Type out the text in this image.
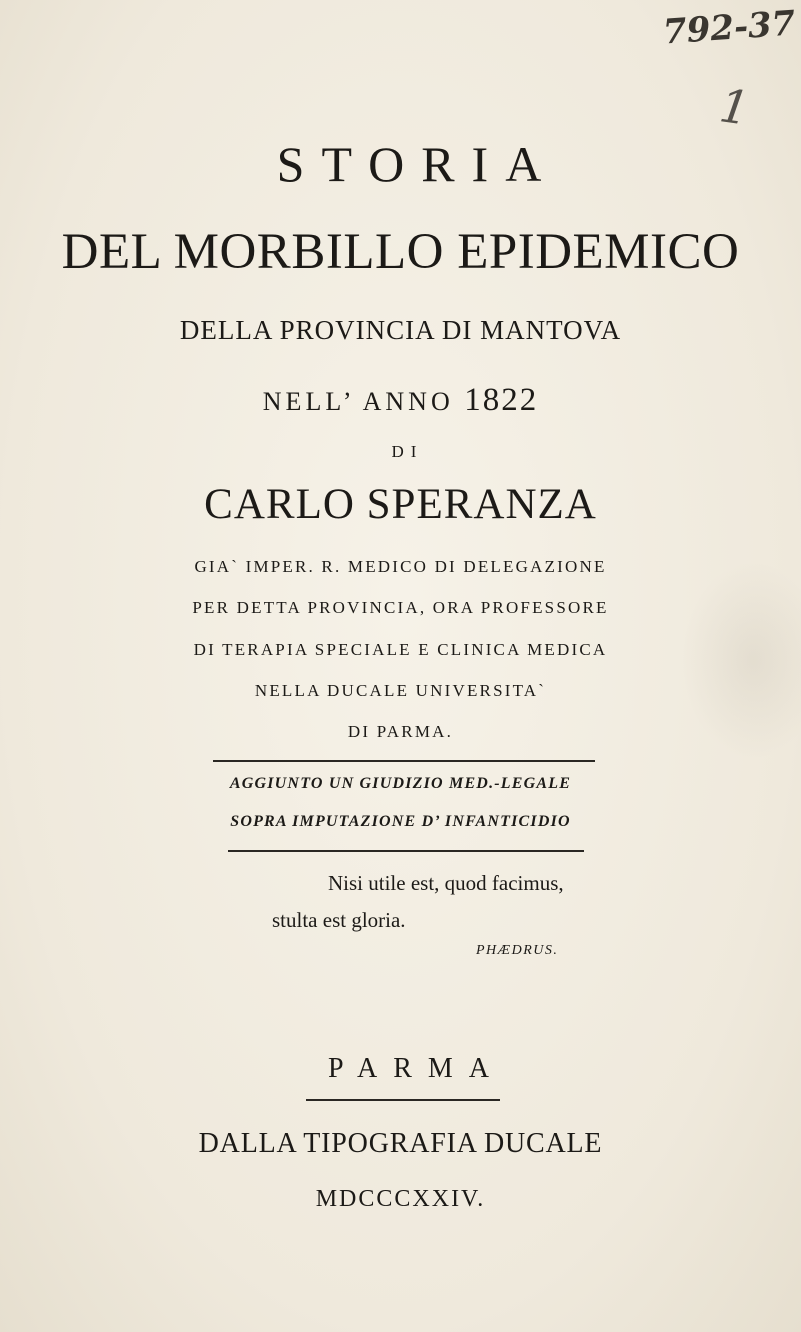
792-37
1
STORIA
DEL MORBILLO EPIDEMICO
DELLA PROVINCIA DI MANTOVA
NELL’ ANNO 1822
DI
CARLO SPERANZA
GIA` IMPER. R. MEDICO DI DELEGAZIONE
PER DETTA PROVINCIA, ORA PROFESSORE
DI TERAPIA SPECIALE E CLINICA MEDICA
NELLA DUCALE UNIVERSITA`
DI PARMA.
AGGIUNTO UN GIUDIZIO MED.-LEGALE
SOPRA IMPUTAZIONE D’ INFANTICIDIO
Nisi utile est, quod facimus,
stulta est gloria.
PHÆDRUS.
PARMA
DALLA TIPOGRAFIA DUCALE
MDCCCXXIV.
